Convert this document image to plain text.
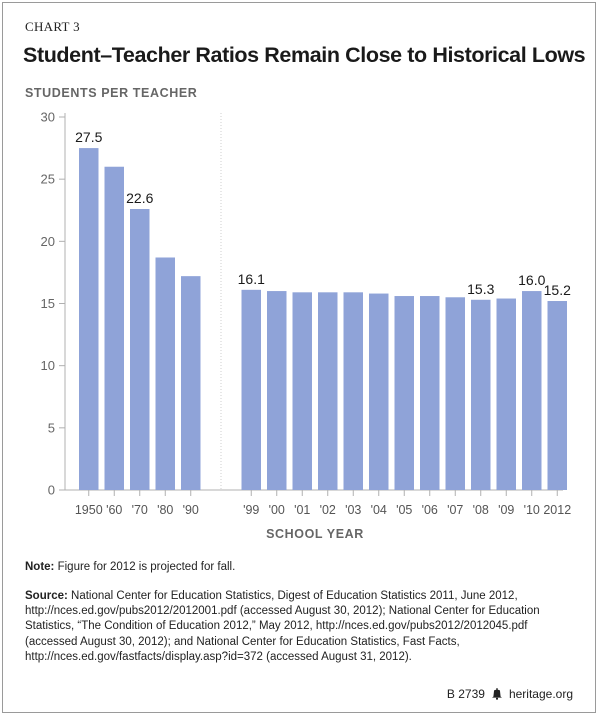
CHART 3
Student–Teacher Ratios Remain Close to Historical Lows
STUDENTS PER TEACHER
0
5
10
15
20
25
30
1950 '60 '70 '80 '90	'99 '00 '01 '02 '03 '04 '05 '06 '07 '08 '09 '10 2012
27.5
22.6
16.1
15.3
16.0
15.2
SCHOOL YEAR
Note: Figure for 2012 is projected for fall.
Source: National Center for Education Statistics, Digest of Education Statistics 2011, June 2012, http://nces.ed.gov/pubs2012/2012001.pdf (accessed August 30, 2012); National Center for Education Statistics, “The Condition of Education 2012,” May 2012, http://nces.ed.gov/pubs2012/2012045.pdf (accessed August 30, 2012); and National Center for Education Statistics, Fast Facts, http://nces.ed.gov/fastfacts/display.asp?id=372 (accessed August 31, 2012).
B 2739 heritage.org
